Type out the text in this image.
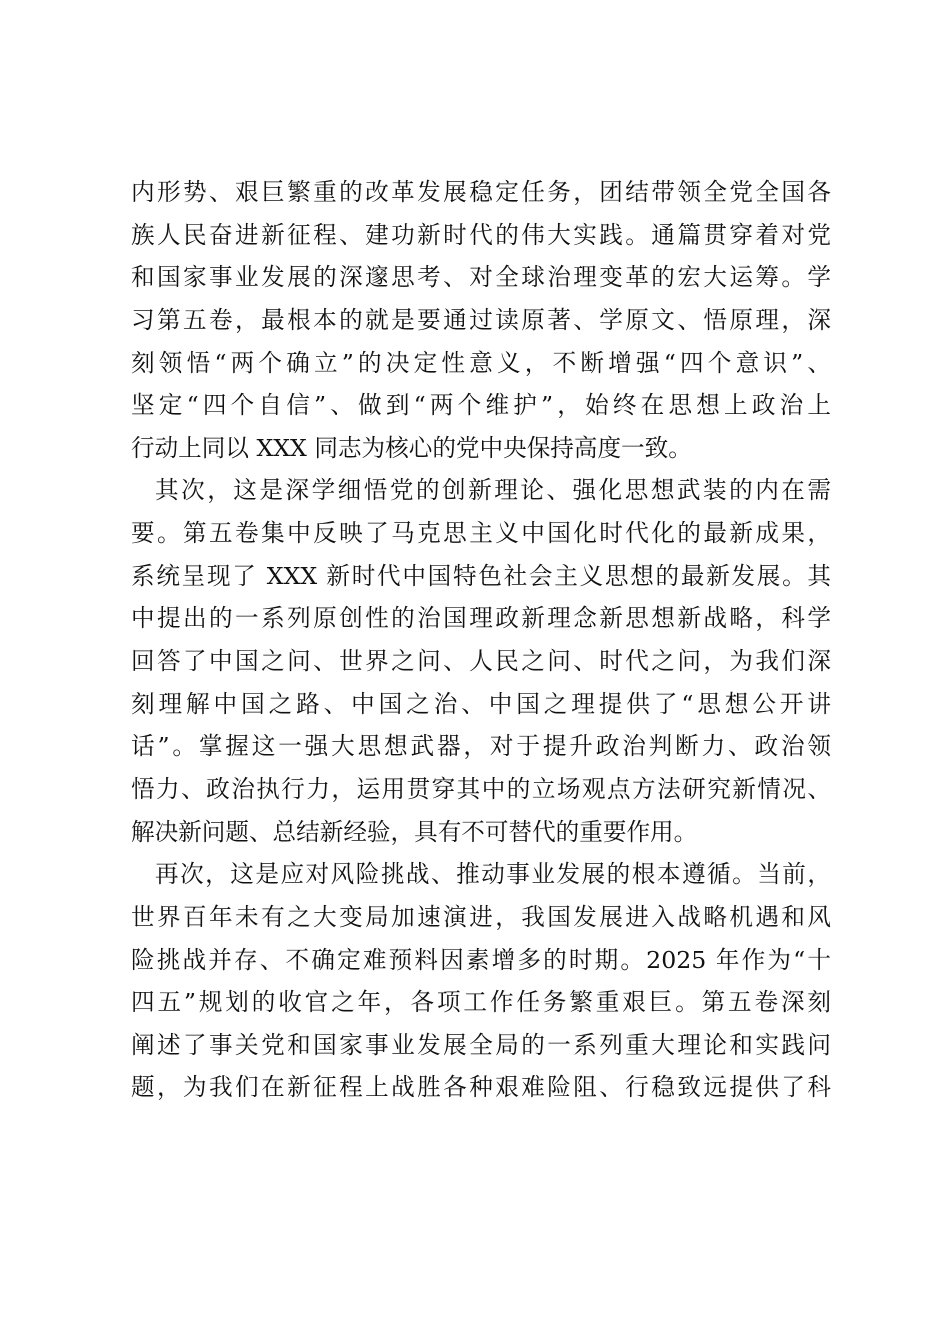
内形势、艰巨繁重的改革发展稳定任务，团结带领全党全国各
族人民奋进新征程、建功新时代的伟大实践。通篇贯穿着对党
和国家事业发展的深邃思考、对全球治理变革的宏大运筹。学
习第五卷，最根本的就是要通过读原著、学原文、悟原理，深
刻领悟“两个确立”的决定性意义，不断增强“四个意识”、
坚定“四个自信”、做到“两个维护”，始终在思想上政治上
行动上同以 XXX 同志为核心的党中央保持高度一致。
其次，这是深学细悟党的创新理论、强化思想武装的内在需
要。第五卷集中反映了马克思主义中国化时代化的最新成果，
系统呈现了 XXX 新时代中国特色社会主义思想的最新发展。其
中提出的一系列原创性的治国理政新理念新思想新战略，科学
回答了中国之问、世界之问、人民之问、时代之问，为我们深
刻理解中国之路、中国之治、中国之理提供了“思想公开讲
话”。掌握这一强大思想武器，对于提升政治判断力、政治领
悟力、政治执行力，运用贯穿其中的立场观点方法研究新情况、
解决新问题、总结新经验，具有不可替代的重要作用。
再次，这是应对风险挑战、推动事业发展的根本遵循。当前，
世界百年未有之大变局加速演进，我国发展进入战略机遇和风
险挑战并存、不确定难预料因素增多的时期。2025 年作为“十
四五”规划的收官之年，各项工作任务繁重艰巨。第五卷深刻
阐述了事关党和国家事业发展全局的一系列重大理论和实践问
题，为我们在新征程上战胜各种艰难险阻、行稳致远提供了科
